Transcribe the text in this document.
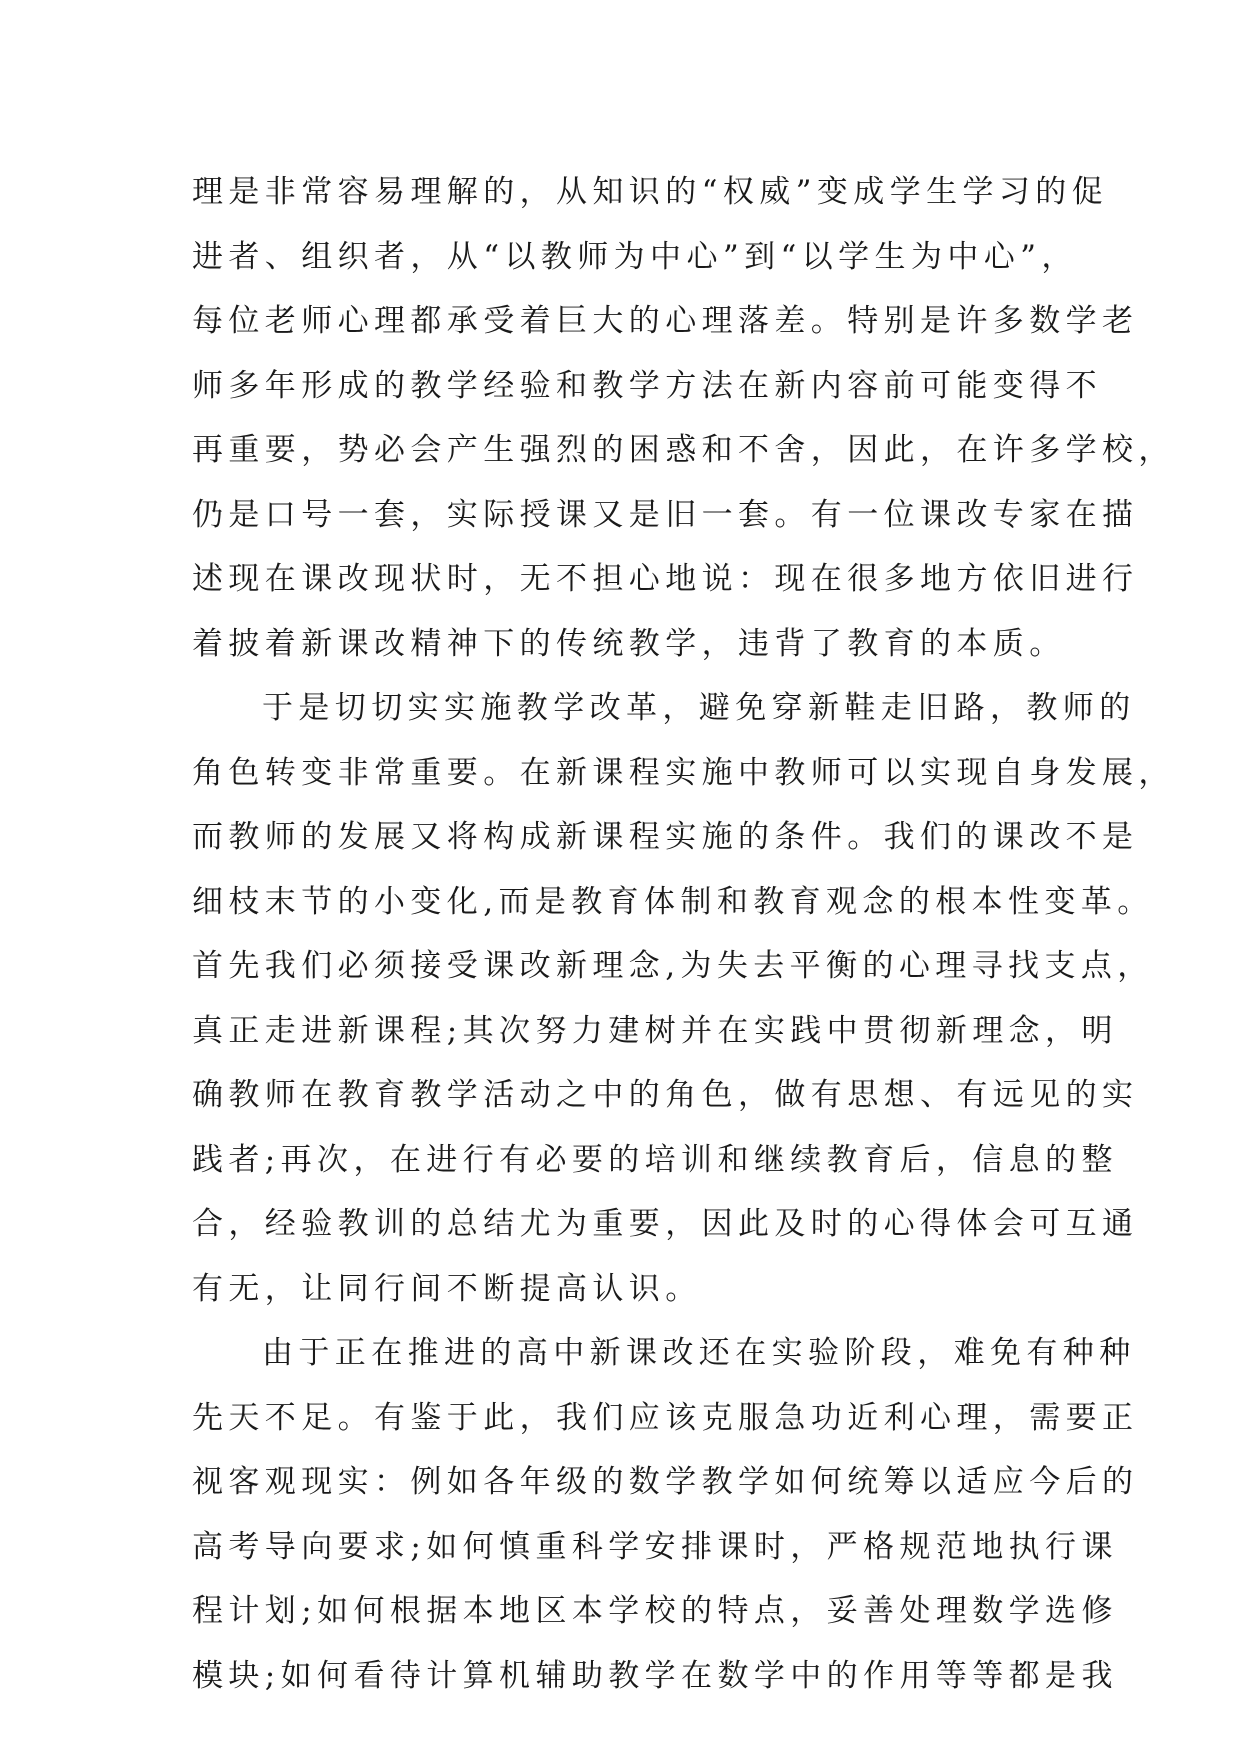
理是非常容易理解的，从知识的“权威”变成学生学习的促
进者、组织者，从“以教师为中心”到“以学生为中心”，
每位老师心理都承受着巨大的心理落差。特别是许多数学老
师多年形成的教学经验和教学方法在新内容前可能变得不
再重要，势必会产生强烈的困惑和不舍，因此，在许多学校，
仍是口号一套，实际授课又是旧一套。有一位课改专家在描
述现在课改现状时，无不担心地说：现在很多地方依旧进行
着披着新课改精神下的传统教学，违背了教育的本质。
于是切切实实施教学改革，避免穿新鞋走旧路，教师的
角色转变非常重要。在新课程实施中教师可以实现自身发展，
而教师的发展又将构成新课程实施的条件。我们的课改不是
细枝末节的小变化,而是教育体制和教育观念的根本性变革。
首先我们必须接受课改新理念,为失去平衡的心理寻找支点，
真正走进新课程;其次努力建树并在实践中贯彻新理念，明
确教师在教育教学活动之中的角色，做有思想、有远见的实
践者;再次，在进行有必要的培训和继续教育后，信息的整
合，经验教训的总结尤为重要，因此及时的心得体会可互通
有无，让同行间不断提高认识。
由于正在推进的高中新课改还在实验阶段，难免有种种
先天不足。有鉴于此，我们应该克服急功近利心理，需要正
视客观现实：例如各年级的数学教学如何统筹以适应今后的
高考导向要求;如何慎重科学安排课时，严格规范地执行课
程计划;如何根据本地区本学校的特点，妥善处理数学选修
模块;如何看待计算机辅助教学在数学中的作用等等都是我
